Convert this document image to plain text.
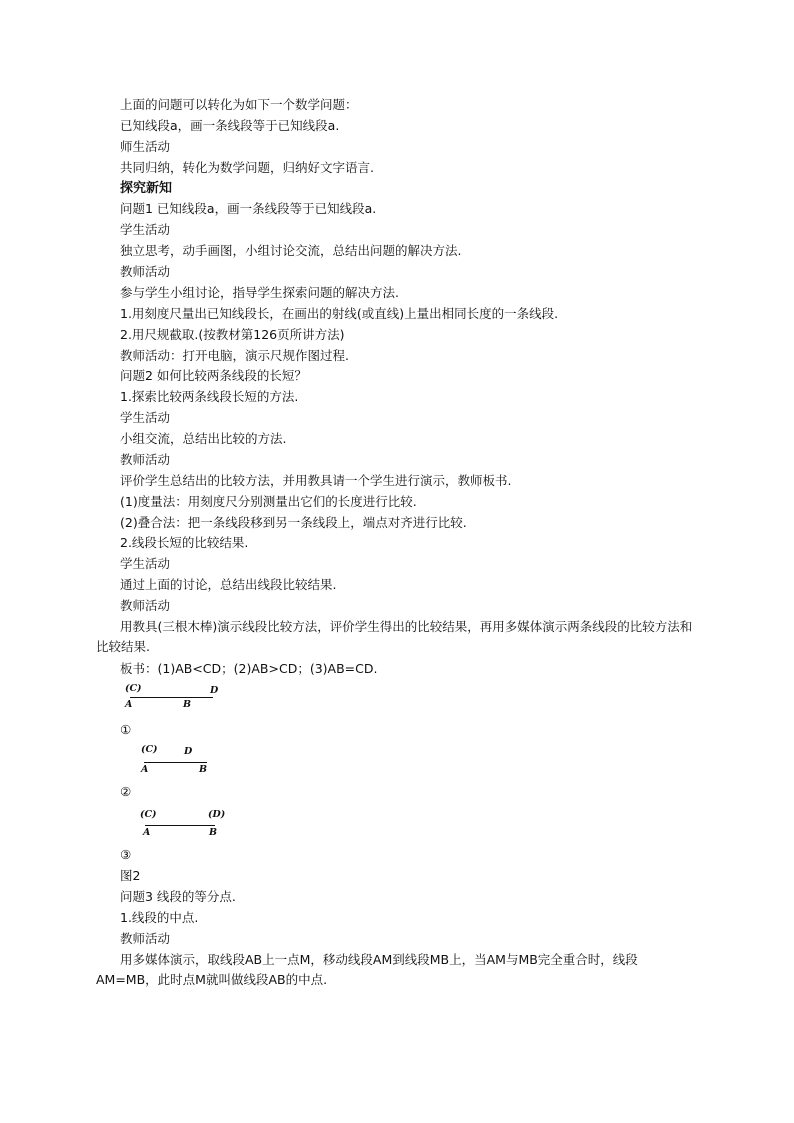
上面的问题可以转化为如下一个数学问题：
已知线段a，画一条线段等于已知线段a.
师生活动
共同归纳，转化为数学问题，归纳好文字语言.
探究新知
问题1 已知线段a，画一条线段等于已知线段a.
学生活动
独立思考，动手画图，小组讨论交流，总结出问题的解决方法.
教师活动
参与学生小组讨论，指导学生探索问题的解决方法.
1.用刻度尺量出已知线段长，在画出的射线(或直线)上量出相同长度的一条线段.
2.用尺规截取.(按教材第126页所讲方法)
教师活动：打开电脑，演示尺规作图过程.
问题2 如何比较两条线段的长短？
1.探索比较两条线段长短的方法.
学生活动
小组交流，总结出比较的方法.
教师活动
评价学生总结出的比较方法，并用教具请一个学生进行演示，教师板书.
(1)度量法：用刻度尺分别测量出它们的长度进行比较.
(2)叠合法：把一条线段移到另一条线段上，端点对齐进行比较.
2.线段长短的比较结果.
学生活动
通过上面的讨论，总结出线段比较结果.
教师活动
用教具(三根木棒)演示线段比较方法，评价学生得出的比较结果，再用多媒体演示两条线段的比较方法和比较结果.
板书：(1)AB<CD；(2)AB>CD；(3)AB=CD.
(C)	D
A	B
①
(C)	D
A	B
②
(C)	(D)
A	B
③
图2
问题3 线段的等分点.
1.线段的中点.
教师活动
用多媒体演示，取线段AB上一点M，移动线段AM到线段MB上，当AM与MB完全重合时，线段AM=MB，此时点M就叫做线段AB的中点.
